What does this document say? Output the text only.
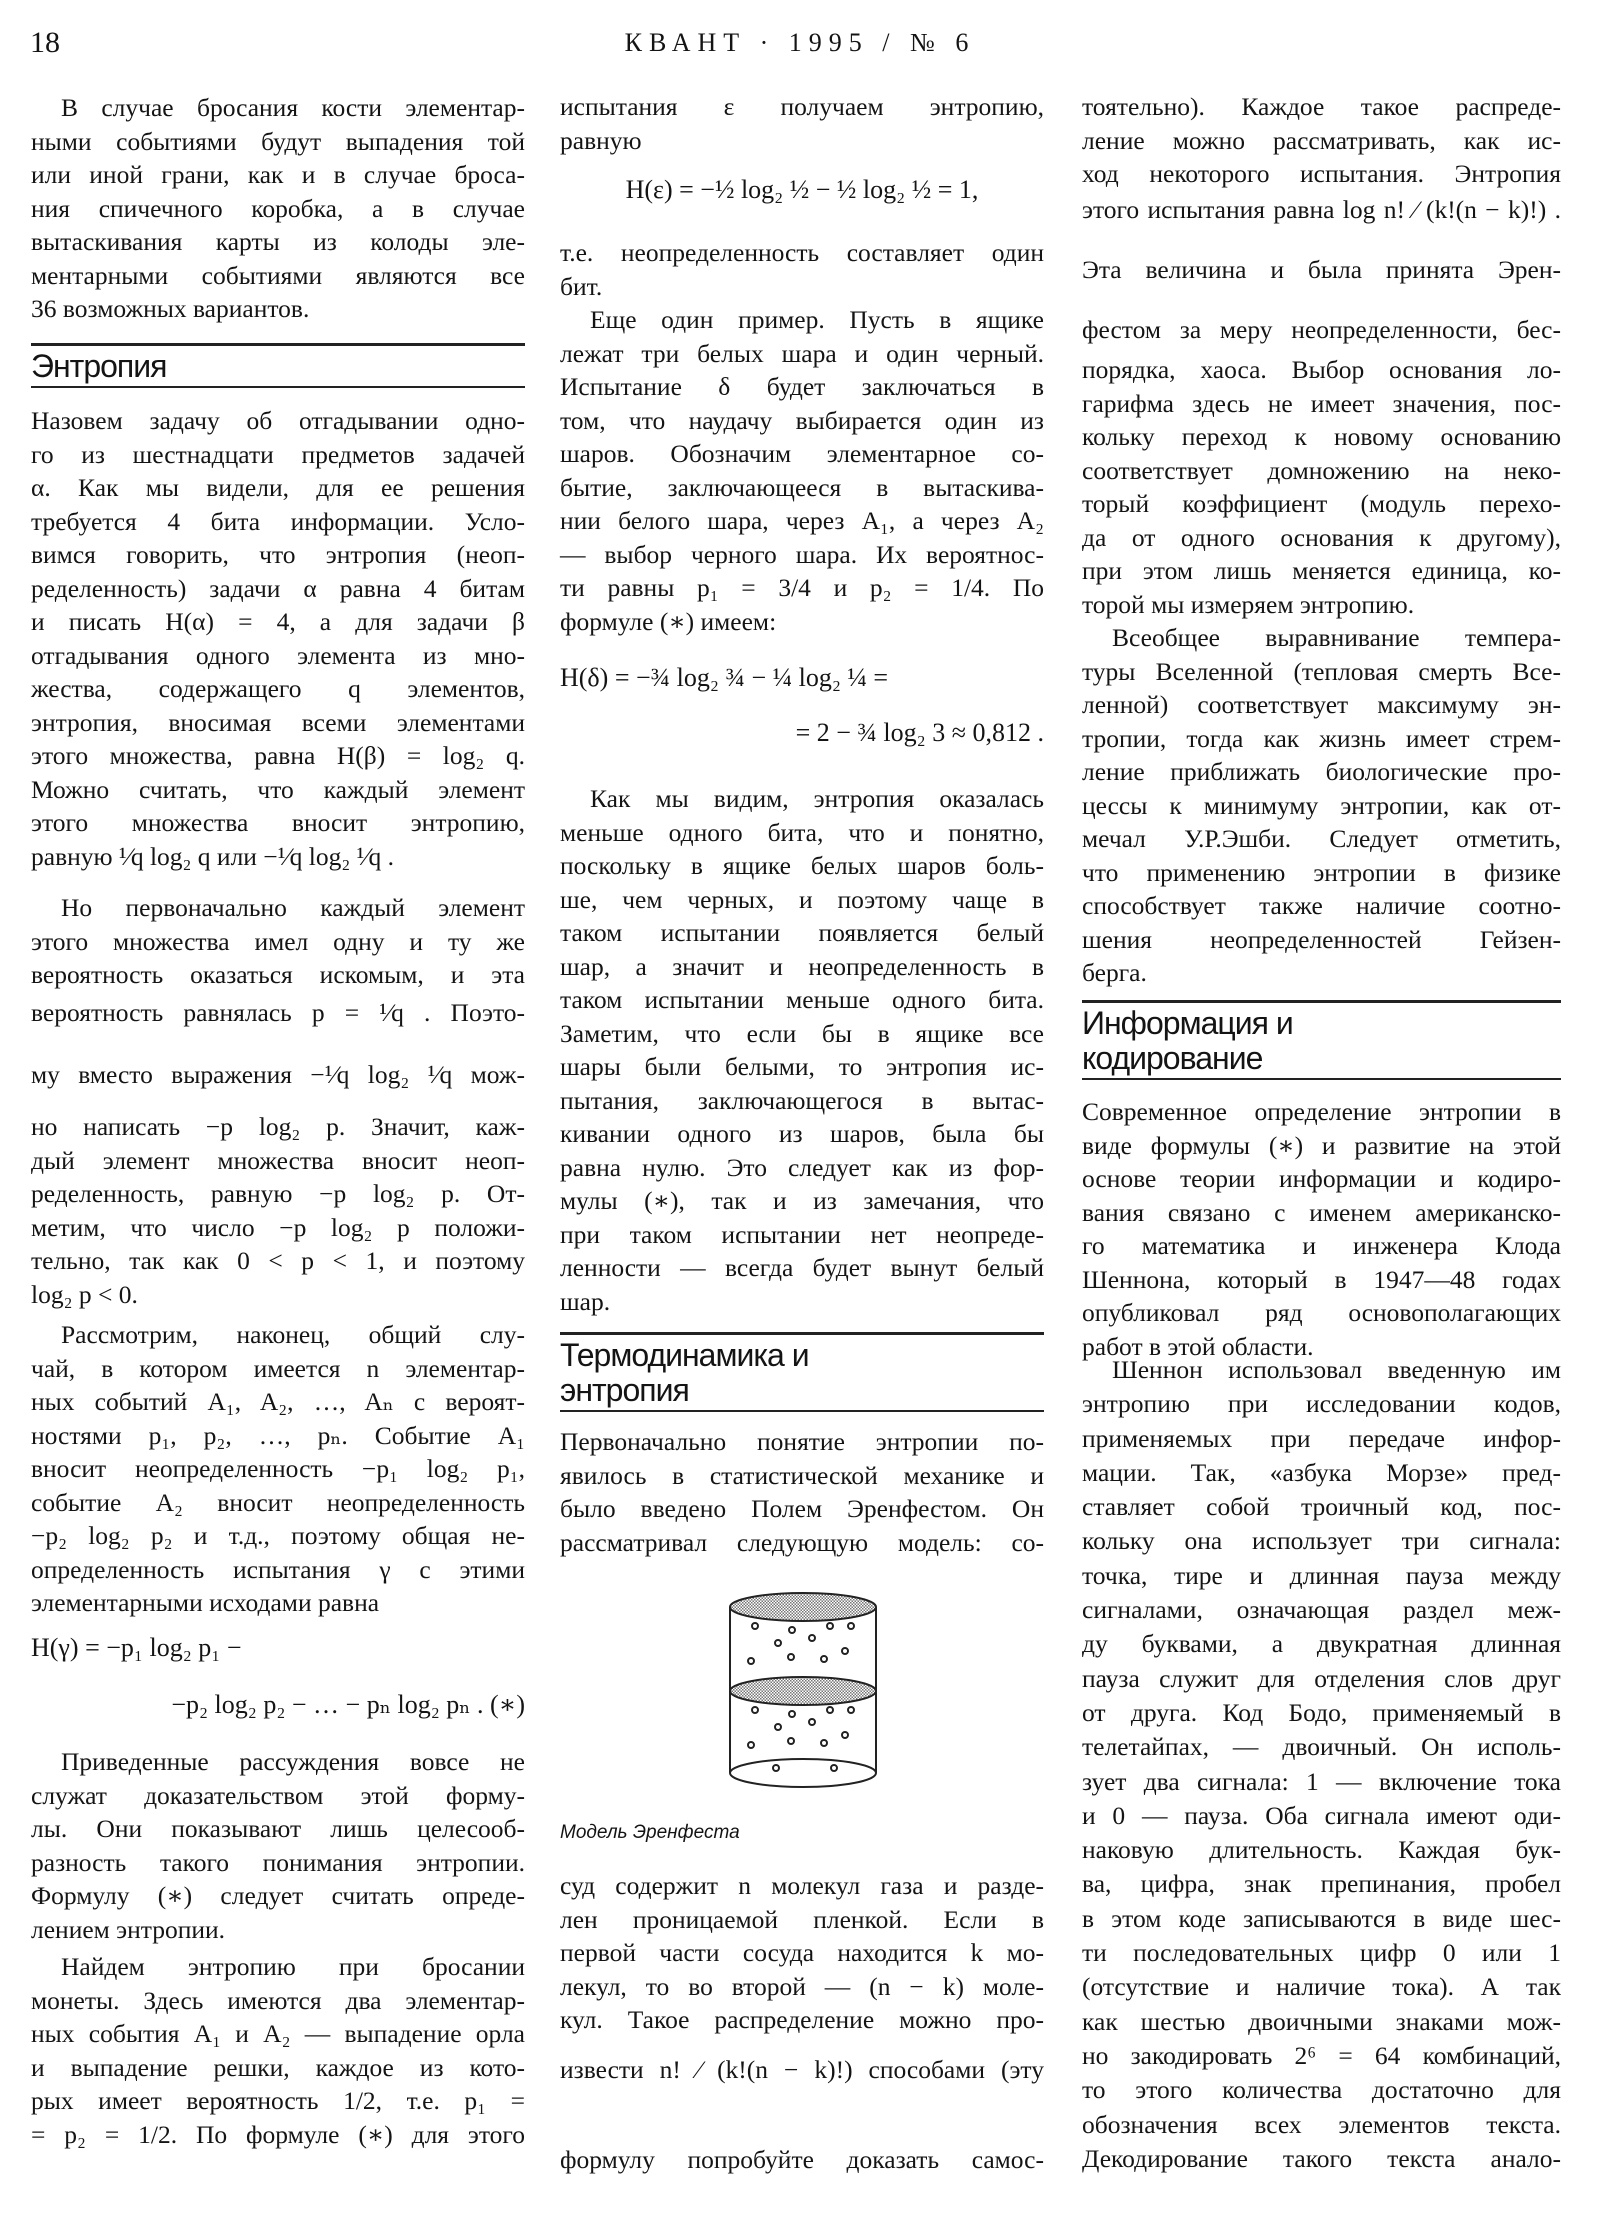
18	КВАНТ · 1995 / № 6
В случае бросания кости элементар-
ными событиями будут выпадения той
или иной грани, как и в случае броса-
ния спичечного коробка, а в случае
вытаскивания карты из колоды эле-
ментарными событиями являются все
36 возможных вариантов.
Энтропия
Назовем задачу об отгадывании одно-
го из шестнадцати предметов задачей
α. Как мы видели, для ее решения
требуется 4 бита информации. Усло-
вимся говорить, что энтропия (неоп-
ределенность) задачи α равна 4 битам
и писать H(α) = 4, а для задачи β
отгадывания одного элемента из мно-
жества, содержащего q элементов,
энтропия, вносимая всеми элементами
этого множества, равна H(β) = log₂ q.
Можно считать, что каждый элемент
этого множества вносит энтропию,
равную ¹⁄q log₂ q или −¹⁄q log₂ ¹⁄q .
Но первоначально каждый элемент
этого множества имел одну и ту же
вероятность оказаться искомым, и эта
вероятность равнялась p = ¹⁄q . Поэто-
му вместо выражения −¹⁄q log₂ ¹⁄q мож-
но написать −p log₂ p. Значит, каж-
дый элемент множества вносит неоп-
ределенность, равную −p log₂ p. От-
метим, что число −p log₂ p положи-
тельно, так как 0 < p < 1, и поэтому
log₂ p < 0.
Рассмотрим, наконец, общий слу-
чай, в котором имеется n элементар-
ных событий A₁, A₂, …, Aₙ с вероят-
ностями p₁, p₂, …, pₙ. Событие A₁
вносит неопределенность −p₁ log₂ p₁,
событие A₂ вносит неопределенность
−p₂ log₂ p₂ и т.д., поэтому общая не-
определенность испытания γ с этими
элементарными исходами равна
H(γ) = −p₁ log₂ p₁ −
−p₂ log₂ p₂ − … − pₙ log₂ pₙ . (∗)
Приведенные рассуждения вовсе не
служат доказательством этой форму-
лы. Они показывают лишь целесооб-
разность такого понимания энтропии.
Формулу (∗) следует считать опреде-
лением энтропии.
Найдем энтропию при бросании
монеты. Здесь имеются два элементар-
ных события A₁ и A₂ — выпадение орла
и выпадение решки, каждое из кото-
рых имеет вероятность 1/2, т.е. p₁ =
= p₂ = 1/2. По формуле (∗) для этого
испытания ε получаем энтропию,
равную
H(ε) = −½ log₂ ½ − ½ log₂ ½ = 1,
т.е. неопределенность составляет один
бит.
Еще один пример. Пусть в ящике
лежат три белых шара и один черный.
Испытание δ будет заключаться в
том, что наудачу выбирается один из
шаров. Обозначим элементарное со-
бытие, заключающееся в вытаскива-
нии белого шара, через A₁, а через A₂
— выбор черного шара. Их вероятнос-
ти равны p₁ = 3/4 и p₂ = 1/4. По
формуле (∗) имеем:
H(δ) = −¾ log₂ ¾ − ¼ log₂ ¼ =
= 2 − ¾ log₂ 3 ≈ 0,812 .
Как мы видим, энтропия оказалась
меньше одного бита, что и понятно,
поскольку в ящике белых шаров боль-
ше, чем черных, и поэтому чаще в
таком испытании появляется белый
шар, а значит и неопределенность в
таком испытании меньше одного бита.
Заметим, что если бы в ящике все
шары были белыми, то энтропия ис-
пытания, заключающегося в вытас-
кивании одного из шаров, была бы
равна нулю. Это следует как из фор-
мулы (∗), так и из замечания, что
при таком испытании нет неопреде-
ленности — всегда будет вынут белый
шар.
Термодинамика и
энтропия
Первоначально понятие энтропии по-
явилось в статистической механике и
было введено Полем Эренфестом. Он
рассматривал следующую модель: со-
Модель Эренфеста
суд содержит n молекул газа и разде-
лен проницаемой пленкой. Если в
первой части сосуда находится k мо-
лекул, то во второй — (n − k) моле-
кул. Такое распределение можно про-
извести n! ⁄ (k!(n − k)!) способами (эту
формулу попробуйте доказать самос-
тоятельно). Каждое такое распреде-
ление можно рассматривать, как ис-
ход некоторого испытания. Энтропия
этого испытания равна log n! ⁄ (k!(n − k)!) .
Эта величина и была принята Эрен-
фестом за меру неопределенности, бес-
порядка, хаоса. Выбор основания ло-
гарифма здесь не имеет значения, пос-
кольку переход к новому основанию
соответствует домножению на неко-
торый коэффициент (модуль перехо-
да от одного основания к другому),
при этом лишь меняется единица, ко-
торой мы измеряем энтропию.
Всеобщее выравнивание темпера-
туры Вселенной (тепловая смерть Все-
ленной) соответствует максимуму эн-
тропии, тогда как жизнь имеет стрем-
ление приближать биологические про-
цессы к минимуму энтропии, как от-
мечал У.Р.Эшби. Следует отметить,
что применению энтропии в физике
способствует также наличие соотно-
шения неопределенностей Гейзен-
берга.
Информация и
кодирование
Современное определение энтропии в
виде формулы (∗) и развитие на этой
основе теории информации и кодиро-
вания связано с именем американско-
го математика и инженера Клода
Шеннона, который в 1947—48 годах
опубликовал ряд основополагающих
работ в этой области.
Шеннон использовал введенную им
энтропию при исследовании кодов,
применяемых при передаче инфор-
мации. Так, «азбука Морзе» пред-
ставляет собой троичный код, пос-
кольку она использует три сигнала:
точка, тире и длинная пауза между
сигналами, означающая раздел меж-
ду буквами, а двукратная длинная
пауза служит для отделения слов друг
от друга. Код Бодо, применяемый в
телетайпах, — двоичный. Он исполь-
зует два сигнала: 1 — включение тока
и 0 — пауза. Оба сигнала имеют оди-
наковую длительность. Каждая бук-
ва, цифра, знак препинания, пробел
в этом коде записываются в виде шес-
ти последовательных цифр 0 или 1
(отсутствие и наличие тока). А так
как шестью двоичными знаками мож-
но закодировать 2⁶ = 64 комбинаций,
то этого количества достаточно для
обозначения всех элементов текста.
Декодирование такого текста анало-
